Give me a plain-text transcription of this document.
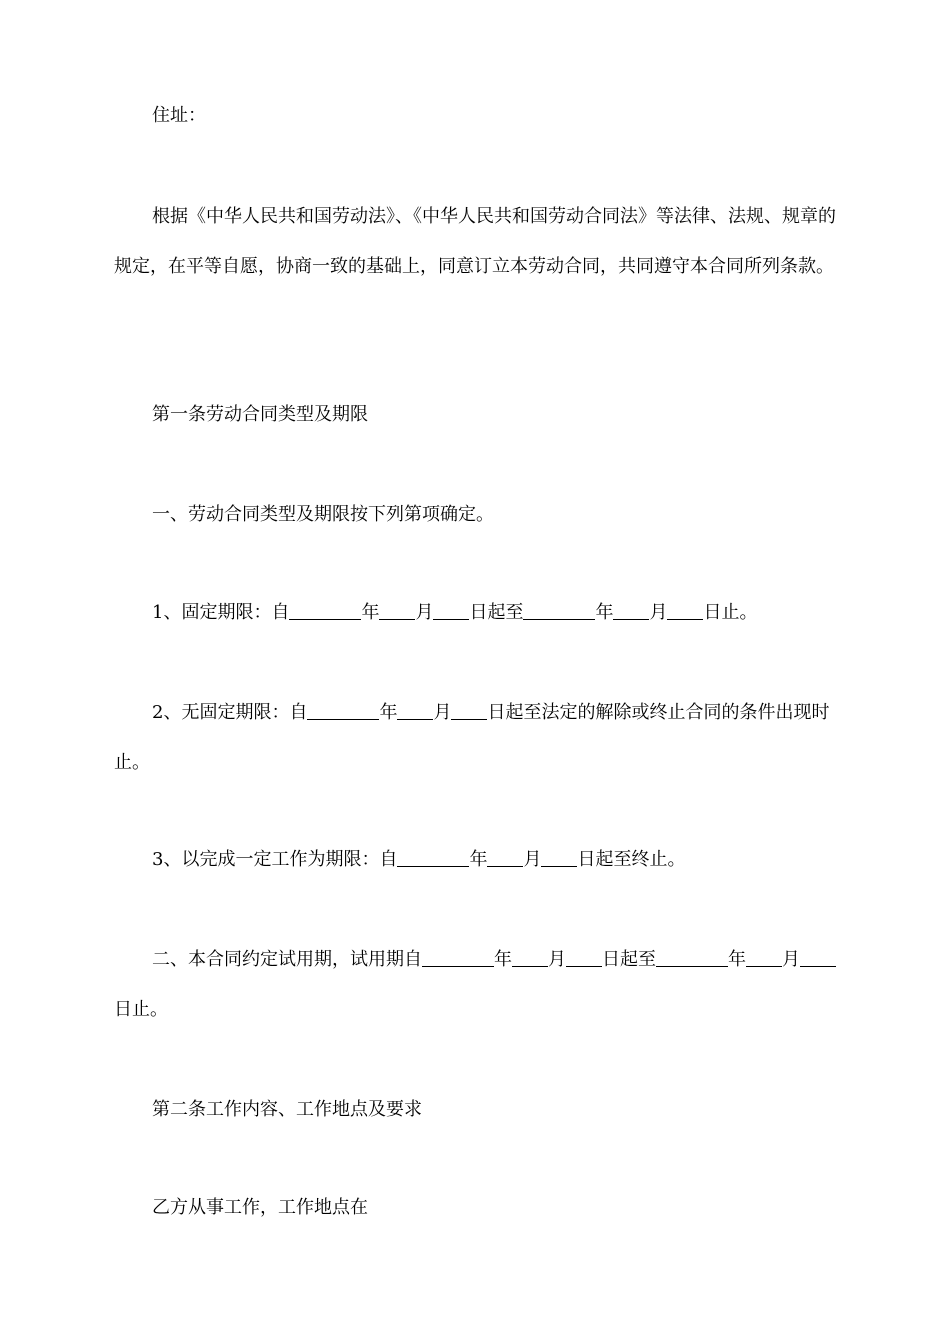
住址：

根据《中华人民共和国劳动法》、《中华人民共和国劳动合同法》等法律、法规、规章的规定，在平等自愿，协商一致的基础上，同意订立本劳动合同，共同遵守本合同所列条款。

第一条劳动合同类型及期限

一、劳动合同类型及期限按下列第项确定。

1、固定期限：自	年 月 日起至	年 月 日止。

2、无固定期限：自	年 月 日起至法定的解除或终止合同的条件出现时止。

3、以完成一定工作为期限：自	年 月 日起至终止。

二、本合同约定试用期，试用期自	年 月 日起至	年 月日止。

第二条工作内容、工作地点及要求

乙方从事工作，工作地点在
